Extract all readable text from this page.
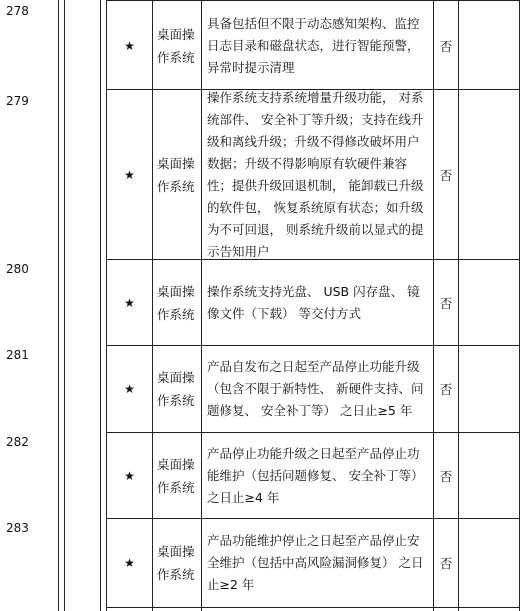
278
★
桌面操作系统
具备包括但不限于动态感知架构、监控日志目录和磁盘状态，进行智能预警，异常时提示清理
否
279
★
桌面操作系统
操作系统支持系统增量升级功能， 对系统部件、 安全补丁等升级；支持在线升级和离线升级；升级不得修改破坏用户数据；升级不得影响原有软硬件兼容性；提供升级回退机制， 能卸载已升级的软件包， 恢复系统原有状态；如升级为不可回退， 则系统升级前以显式的提示告知用户
否
280
★
桌面操作系统
操作系统支持光盘、 USB 闪存盘、 镜像文件（下载） 等交付方式
否
281
★
桌面操作系统
产品自发布之日起至产品停止功能升级（包含不限于新特性、 新硬件支持、问题修复、 安全补丁等） 之日止≥5 年
否
282
★
桌面操作系统
产品停止功能升级之日起至产品停止功能维护（包括问题修复、 安全补丁等）之日止≥4 年
否
283
★
桌面操作系统
产品功能维护停止之日起至产品停止安全维护（包括中高风险漏洞修复） 之日止≥2 年
否
